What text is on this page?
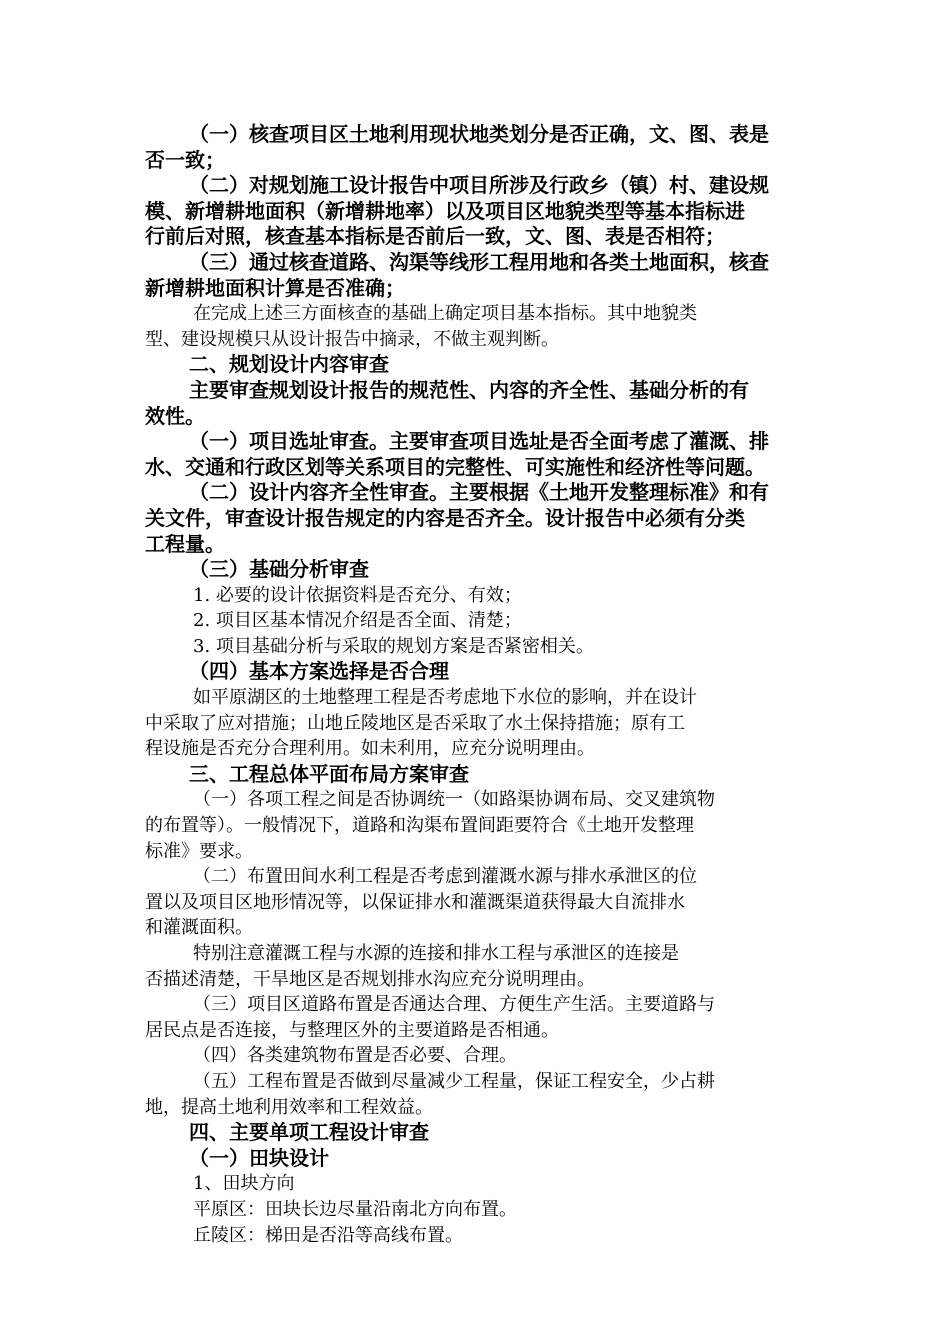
（一）核查项目区土地利用现状地类划分是否正确，文、图、表是
否一致；
（二）对规划施工设计报告中项目所涉及行政乡（镇）村、建设规
模、新增耕地面积（新增耕地率）以及项目区地貌类型等基本指标进
行前后对照，核查基本指标是否前后一致，文、图、表是否相符；
（三）通过核查道路、沟渠等线形工程用地和各类土地面积，核查
新增耕地面积计算是否准确；
在完成上述三方面核查的基础上确定项目基本指标。其中地貌类
型、建设规模只从设计报告中摘录，不做主观判断。
二、规划设计内容审查
主要审查规划设计报告的规范性、内容的齐全性、基础分析的有
效性。
（一）项目选址审查。主要审查项目选址是否全面考虑了灌溉、排
水、交通和行政区划等关系项目的完整性、可实施性和经济性等问题。
（二）设计内容齐全性审查。主要根据《土地开发整理标准》和有
关文件，审查设计报告规定的内容是否齐全。设计报告中必须有分类
工程量。
（三）基础分析审查
1. 必要的设计依据资料是否充分、有效；
2. 项目区基本情况介绍是否全面、清楚；
3. 项目基础分析与采取的规划方案是否紧密相关。
（四）基本方案选择是否合理
如平原湖区的土地整理工程是否考虑地下水位的影响，并在设计
中采取了应对措施；山地丘陵地区是否采取了水土保持措施；原有工
程设施是否充分合理利用。如未利用，应充分说明理由。
三、工程总体平面布局方案审查
（一）各项工程之间是否协调统一（如路渠协调布局、交叉建筑物
的布置等）。一般情况下，道路和沟渠布置间距要符合《土地开发整理
标准》要求。
（二）布置田间水利工程是否考虑到灌溉水源与排水承泄区的位
置以及项目区地形情况等，以保证排水和灌溉渠道获得最大自流排水
和灌溉面积。
特别注意灌溉工程与水源的连接和排水工程与承泄区的连接是
否描述清楚，干旱地区是否规划排水沟应充分说明理由。
（三）项目区道路布置是否通达合理、方便生产生活。主要道路与
居民点是否连接，与整理区外的主要道路是否相通。
（四）各类建筑物布置是否必要、合理。
（五）工程布置是否做到尽量减少工程量，保证工程安全，少占耕
地，提高土地利用效率和工程效益。
四、主要单项工程设计审查
（一）田块设计
1、田块方向
平原区：田块长边尽量沿南北方向布置。
丘陵区：梯田是否沿等高线布置。
